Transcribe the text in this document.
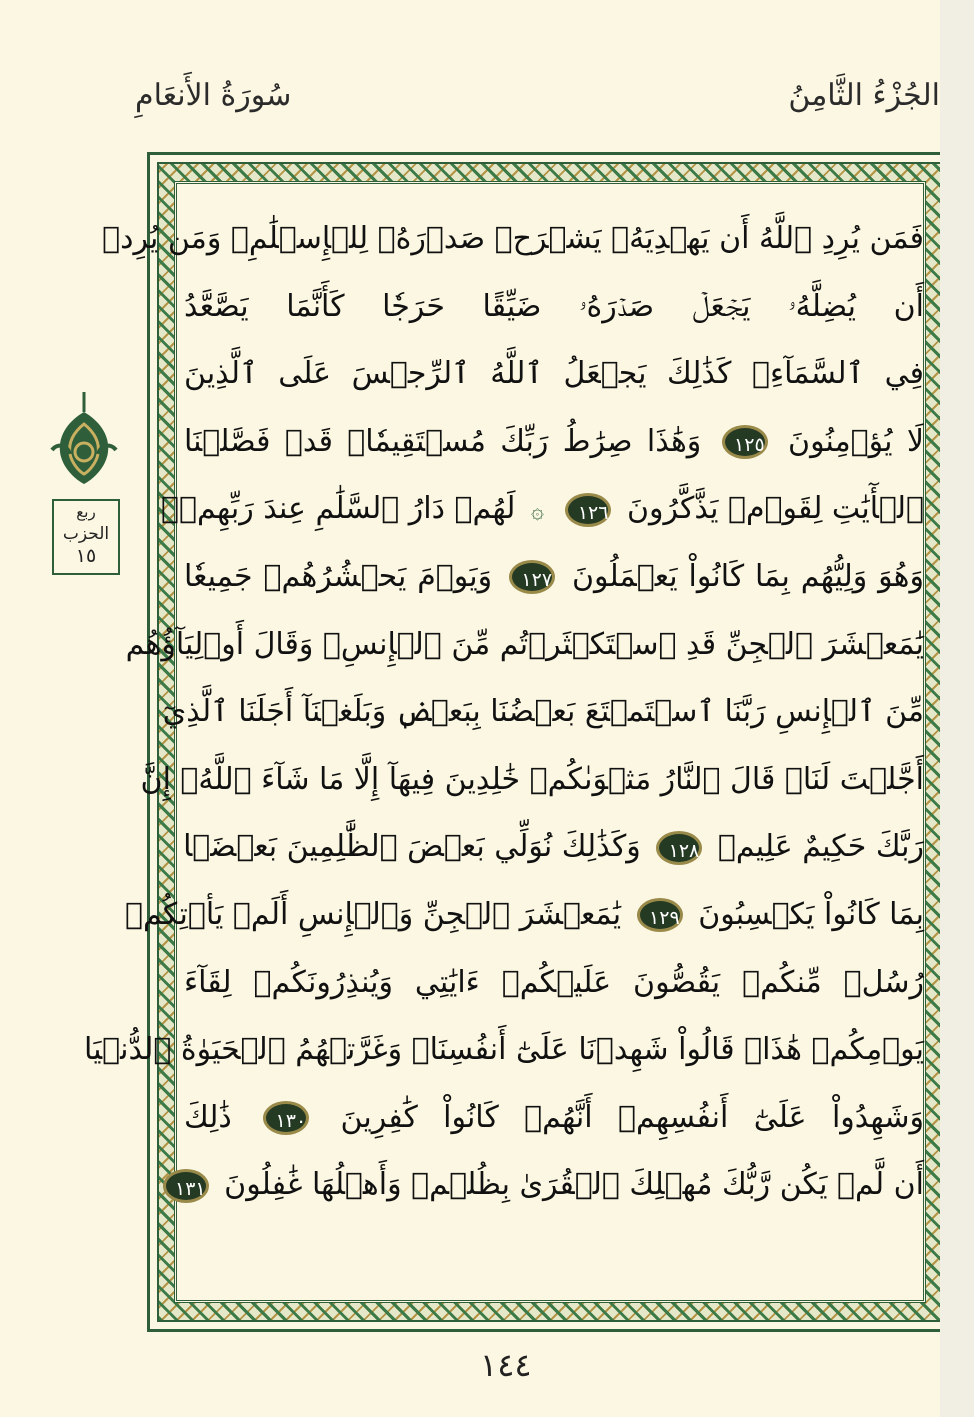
سُورَةُ الأَنعَامِ	الجُزْءُ الثَّامِنُ
فَمَن يُرِدِ ٱللَّهُ أَن يَهۡدِيَهُۥ يَشۡرَحۡ صَدۡرَهُۥ لِلۡإِسۡلَٰمِۖ وَمَن يُرِدۡ
أَن يُضِلَّهُۥ يَجۡعَلۡ صَدۡرَهُۥ ضَيِّقًا حَرَجٗا كَأَنَّمَا يَصَّعَّدُ
فِي ٱلسَّمَآءِۚ كَذَٰلِكَ يَجۡعَلُ ٱللَّهُ ٱلرِّجۡسَ عَلَى ٱلَّذِينَ
لَا يُؤۡمِنُونَ ١٢٥ وَهَٰذَا صِرَٰطُ رَبِّكَ مُسۡتَقِيمٗاۗ قَدۡ فَصَّلۡنَا
ٱلۡأٓيَٰتِ لِقَوۡمٖ يَذَّكَّرُونَ ١٢٦ ۞ لَهُمۡ دَارُ ٱلسَّلَٰمِ عِندَ رَبِّهِمۡۖ
وَهُوَ وَلِيُّهُم بِمَا كَانُواْ يَعۡمَلُونَ ١٢٧ وَيَوۡمَ يَحۡشُرُهُمۡ جَمِيعٗا
يَٰمَعۡشَرَ ٱلۡجِنِّ قَدِ ٱسۡتَكۡثَرۡتُم مِّنَ ٱلۡإِنسِۖ وَقَالَ أَوۡلِيَآؤُهُم
مِّنَ ٱلۡإِنسِ رَبَّنَا ٱسۡتَمۡتَعَ بَعۡضُنَا بِبَعۡضٖ وَبَلَغۡنَآ أَجَلَنَا ٱلَّذِيٓ
أَجَّلۡتَ لَنَاۚ قَالَ ٱلنَّارُ مَثۡوَىٰكُمۡ خَٰلِدِينَ فِيهَآ إِلَّا مَا شَآءَ ٱللَّهُۗ إِنَّ
رَبَّكَ حَكِيمٌ عَلِيمٞ ١٢٨ وَكَذَٰلِكَ نُوَلِّي بَعۡضَ ٱلظَّٰلِمِينَ بَعۡضَۢا
بِمَا كَانُواْ يَكۡسِبُونَ ١٢٩ يَٰمَعۡشَرَ ٱلۡجِنِّ وَٱلۡإِنسِ أَلَمۡ يَأۡتِكُمۡ
رُسُلٞ مِّنكُمۡ يَقُصُّونَ عَلَيۡكُمۡ ءَايَٰتِي وَيُنذِرُونَكُمۡ لِقَآءَ
يَوۡمِكُمۡ هَٰذَاۚ قَالُواْ شَهِدۡنَا عَلَىٰٓ أَنفُسِنَاۖ وَغَرَّتۡهُمُ ٱلۡحَيَوٰةُ ٱلدُّنۡيَا
وَشَهِدُواْ عَلَىٰٓ أَنفُسِهِمۡ أَنَّهُمۡ كَانُواْ كَٰفِرِينَ ١٣٠ ذَٰلِكَ
أَن لَّمۡ يَكُن رَّبُّكَ مُهۡلِكَ ٱلۡقُرَىٰ بِظُلۡمٖ وَأَهۡلُهَا غَٰفِلُونَ ١٣١
ربع
الحزب
١٥
١٤٤
